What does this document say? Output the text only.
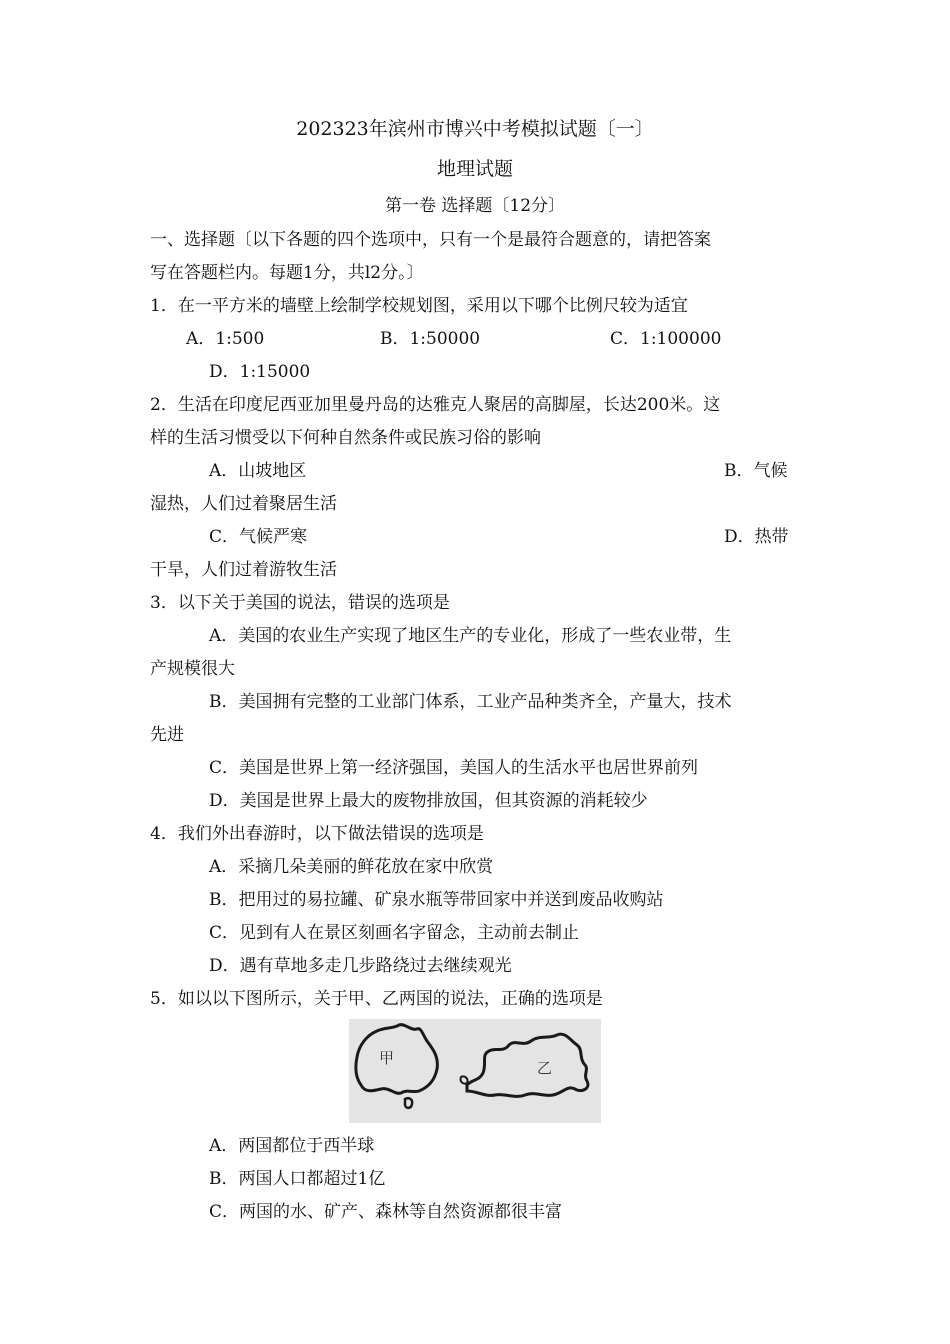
202323年滨州市博兴中考模拟试题〔一〕
地理试题
第一卷 选择题〔12分〕
一、选择题〔以下各题的四个选项中，只有一个是最符合题意的，请把答案
写在答题栏内。每题1分，共l2分。〕
1．在一平方米的墙壁上绘制学校规划图，采用以下哪个比例尺较为适宜
A．1:500	B．1:50000	C．1:100000
D．1:15000
2．生活在印度尼西亚加里曼丹岛的达雅克人聚居的高脚屋，长达200米。这
样的生活习惯受以下何种自然条件或民族习俗的影响
A．山坡地区	B．气候
湿热，人们过着聚居生活
C．气候严寒	D．热带
干旱，人们过着游牧生活
3．以下关于美国的说法，错误的选项是
A．美国的农业生产实现了地区生产的专业化，形成了一些农业带，生
产规模很大
B．美国拥有完整的工业部门体系，工业产品种类齐全，产量大，技术
先进
C．美国是世界上第一经济强国，美国人的生活水平也居世界前列
D．美国是世界上最大的废物排放国，但其资源的消耗较少
4．我们外出春游时，以下做法错误的选项是
A．采摘几朵美丽的鲜花放在家中欣赏
B．把用过的易拉罐、矿泉水瓶等带回家中并送到废品收购站
C．见到有人在景区刻画名字留念，主动前去制止
D．遇有草地多走几步路绕过去继续观光
5．如以以下图所示，关于甲、乙两国的说法，正确的选项是
甲
乙
A．两国都位于西半球
B．两国人口都超过1亿
C．两国的水、矿产、森林等自然资源都很丰富
